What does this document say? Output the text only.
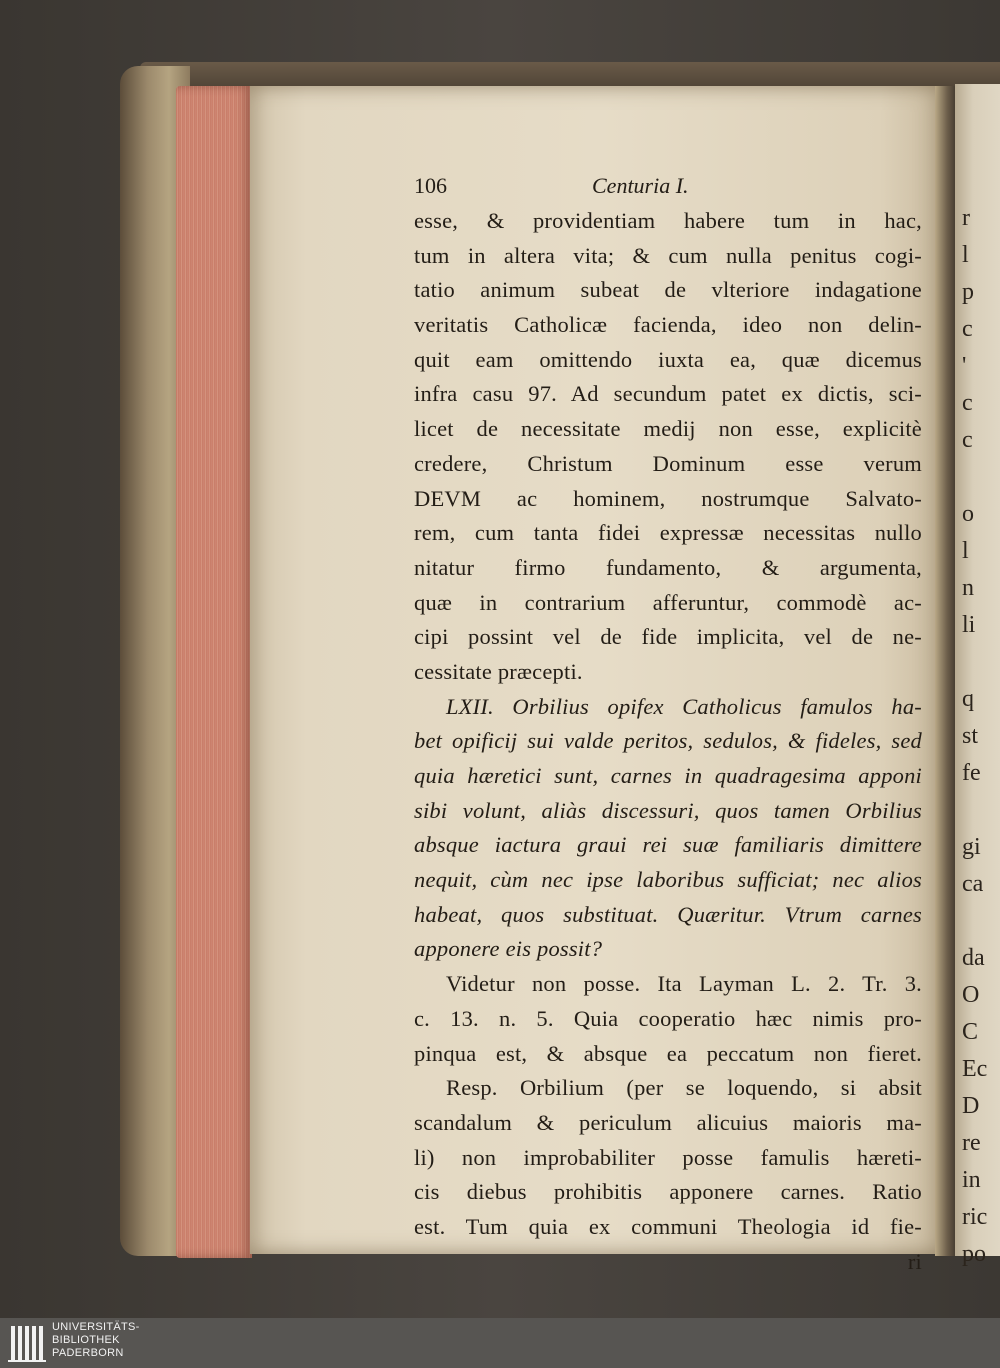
r
l
p
c
'
c
c
o
l
n
li
q
st
fe
gi
ca
da
O
C
Ec
D
re
in
ric
po
106	Centuria I.
esse, & providentiam habere tum in hac,
tum in altera vita; & cum nulla penitus cogi-
tatio animum subeat de vlteriore indagatione
veritatis Catholicæ facienda, ideo non delin-
quit eam omittendo iuxta ea, quæ dicemus
infra casu 97. Ad secundum patet ex dictis, sci-
licet de necessitate medij non esse, explicitè
credere, Christum Dominum esse verum
DEVM ac hominem, nostrumque Salvato-
rem, cum tanta fidei expressæ necessitas nullo
nitatur firmo fundamento, & argumenta,
quæ in contrarium afferuntur, commodè ac-
cipi possint vel de fide implicita, vel de ne-
cessitate præcepti.
LXII. Orbilius opifex Catholicus famulos ha-
bet opificij sui valde peritos, sedulos, & fideles, sed
quia hæretici sunt, carnes in quadragesima apponi
sibi volunt, aliàs discessuri, quos tamen Orbilius
absque iactura graui rei suæ familiaris dimittere
nequit, cùm nec ipse laboribus sufficiat; nec alios
habeat, quos substituat. Quæritur. Vtrum carnes
apponere eis possit?
Videtur non posse. Ita Layman L. 2. Tr. 3.
c. 13. n. 5. Quia cooperatio hæc nimis pro-
pinqua est, & absque ea peccatum non fieret.
Resp. Orbilium (per se loquendo, si absit
scandalum & periculum alicuius maioris ma-
li) non improbabiliter posse famulis hæreti-
cis diebus prohibitis apponere carnes. Ratio
est. Tum quia ex communi Theologia id fie-
ri
UNIVERSITÄTS-
BIBLIOTHEK
PADERBORN
